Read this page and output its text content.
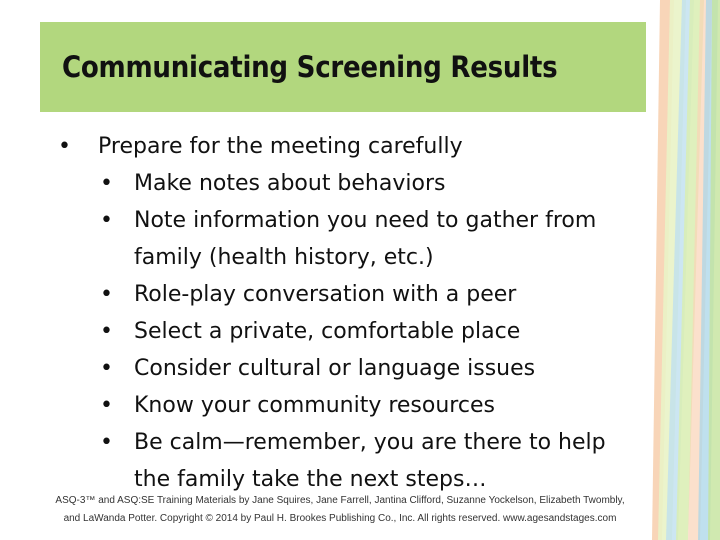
Communicating Screening Results
•	Prepare for the meeting carefully
• Make notes about behaviors
• Note information you need to gather from
family (health history, etc.)
• Role-play conversation with a peer
• Select a private, comfortable place
• Consider cultural or language issues
• Know your community resources
• Be calm—remember, you are there to help
the family take the next steps…
ASQ-3™ and ASQ:SE Training Materials by Jane Squires, Jane Farrell, Jantina Clifford, Suzanne Yockelson, Elizabeth Twombly,
and LaWanda Potter. Copyright © 2014 by Paul H. Brookes Publishing Co., Inc. All rights reserved. www.agesandstages.com
